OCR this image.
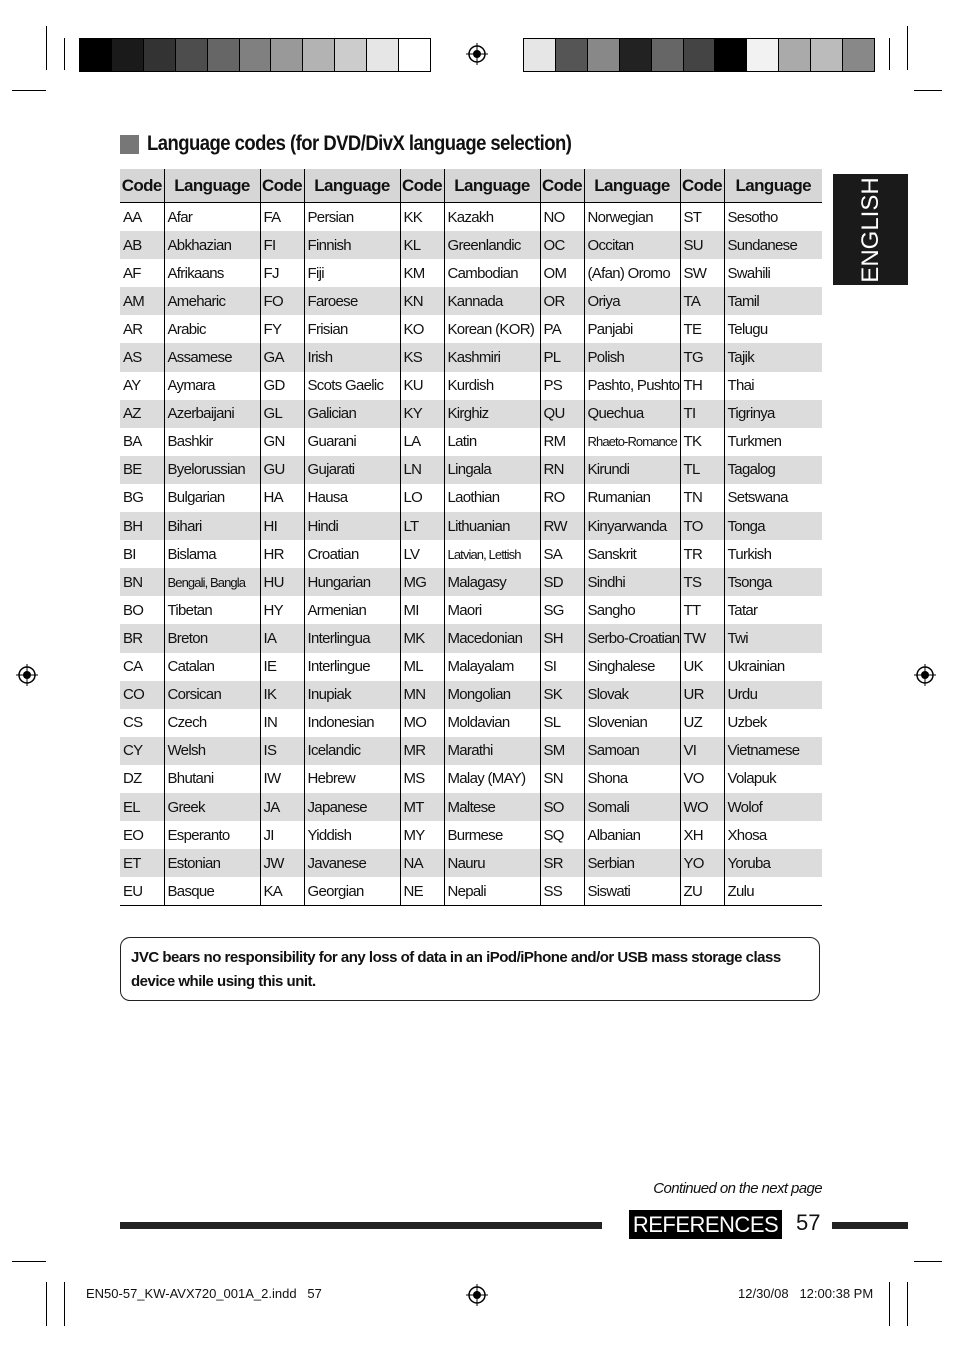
Language codes (for DVD/DivX language selection)
ENGLISH
Code	Language	Code	Language	Code	Language	Code	Language	Code	Language
AA	Afar	FA	Persian	KK	Kazakh	NO	Norwegian	ST	Sesotho
AB	Abkhazian	FI	Finnish	KL	Greenlandic	OC	Occitan	SU	Sundanese
AF	Afrikaans	FJ	Fiji	KM	Cambodian	OM	(Afan) Oromo	SW	Swahili
AM	Ameharic	FO	Faroese	KN	Kannada	OR	Oriya	TA	Tamil
AR	Arabic	FY	Frisian	KO	Korean (KOR)	PA	Panjabi	TE	Telugu
AS	Assamese	GA	Irish	KS	Kashmiri	PL	Polish	TG	Tajik
AY	Aymara	GD	Scots Gaelic	KU	Kurdish	PS	Pashto, Pushto	TH	Thai
AZ	Azerbaijani	GL	Galician	KY	Kirghiz	QU	Quechua	TI	Tigrinya
BA	Bashkir	GN	Guarani	LA	Latin	RM	Rhaeto-Romance	TK	Turkmen
BE	Byelorussian	GU	Gujarati	LN	Lingala	RN	Kirundi	TL	Tagalog
BG	Bulgarian	HA	Hausa	LO	Laothian	RO	Rumanian	TN	Setswana
BH	Bihari	HI	Hindi	LT	Lithuanian	RW	Kinyarwanda	TO	Tonga
BI	Bislama	HR	Croatian	LV	Latvian, Lettish	SA	Sanskrit	TR	Turkish
BN	Bengali, Bangla	HU	Hungarian	MG	Malagasy	SD	Sindhi	TS	Tsonga
BO	Tibetan	HY	Armenian	MI	Maori	SG	Sangho	TT	Tatar
BR	Breton	IA	Interlingua	MK	Macedonian	SH	Serbo-Croatian	TW	Twi
CA	Catalan	IE	Interlingue	ML	Malayalam	SI	Singhalese	UK	Ukrainian
CO	Corsican	IK	Inupiak	MN	Mongolian	SK	Slovak	UR	Urdu
CS	Czech	IN	Indonesian	MO	Moldavian	SL	Slovenian	UZ	Uzbek
CY	Welsh	IS	Icelandic	MR	Marathi	SM	Samoan	VI	Vietnamese
DZ	Bhutani	IW	Hebrew	MS	Malay (MAY)	SN	Shona	VO	Volapuk
EL	Greek	JA	Japanese	MT	Maltese	SO	Somali	WO	Wolof
EO	Esperanto	JI	Yiddish	MY	Burmese	SQ	Albanian	XH	Xhosa
ET	Estonian	JW	Javanese	NA	Nauru	SR	Serbian	YO	Yoruba
EU	Basque	KA	Georgian	NE	Nepali	SS	Siswati	ZU	Zulu

JVC bears no responsibility for any loss of data in an iPod/iPhone and/or USB mass storage class device while using this unit.

Continued on the next page
REFERENCES 57
EN50-57_KW-AVX720_001A_2.indd   57	12/30/08   12:00:38 PM
